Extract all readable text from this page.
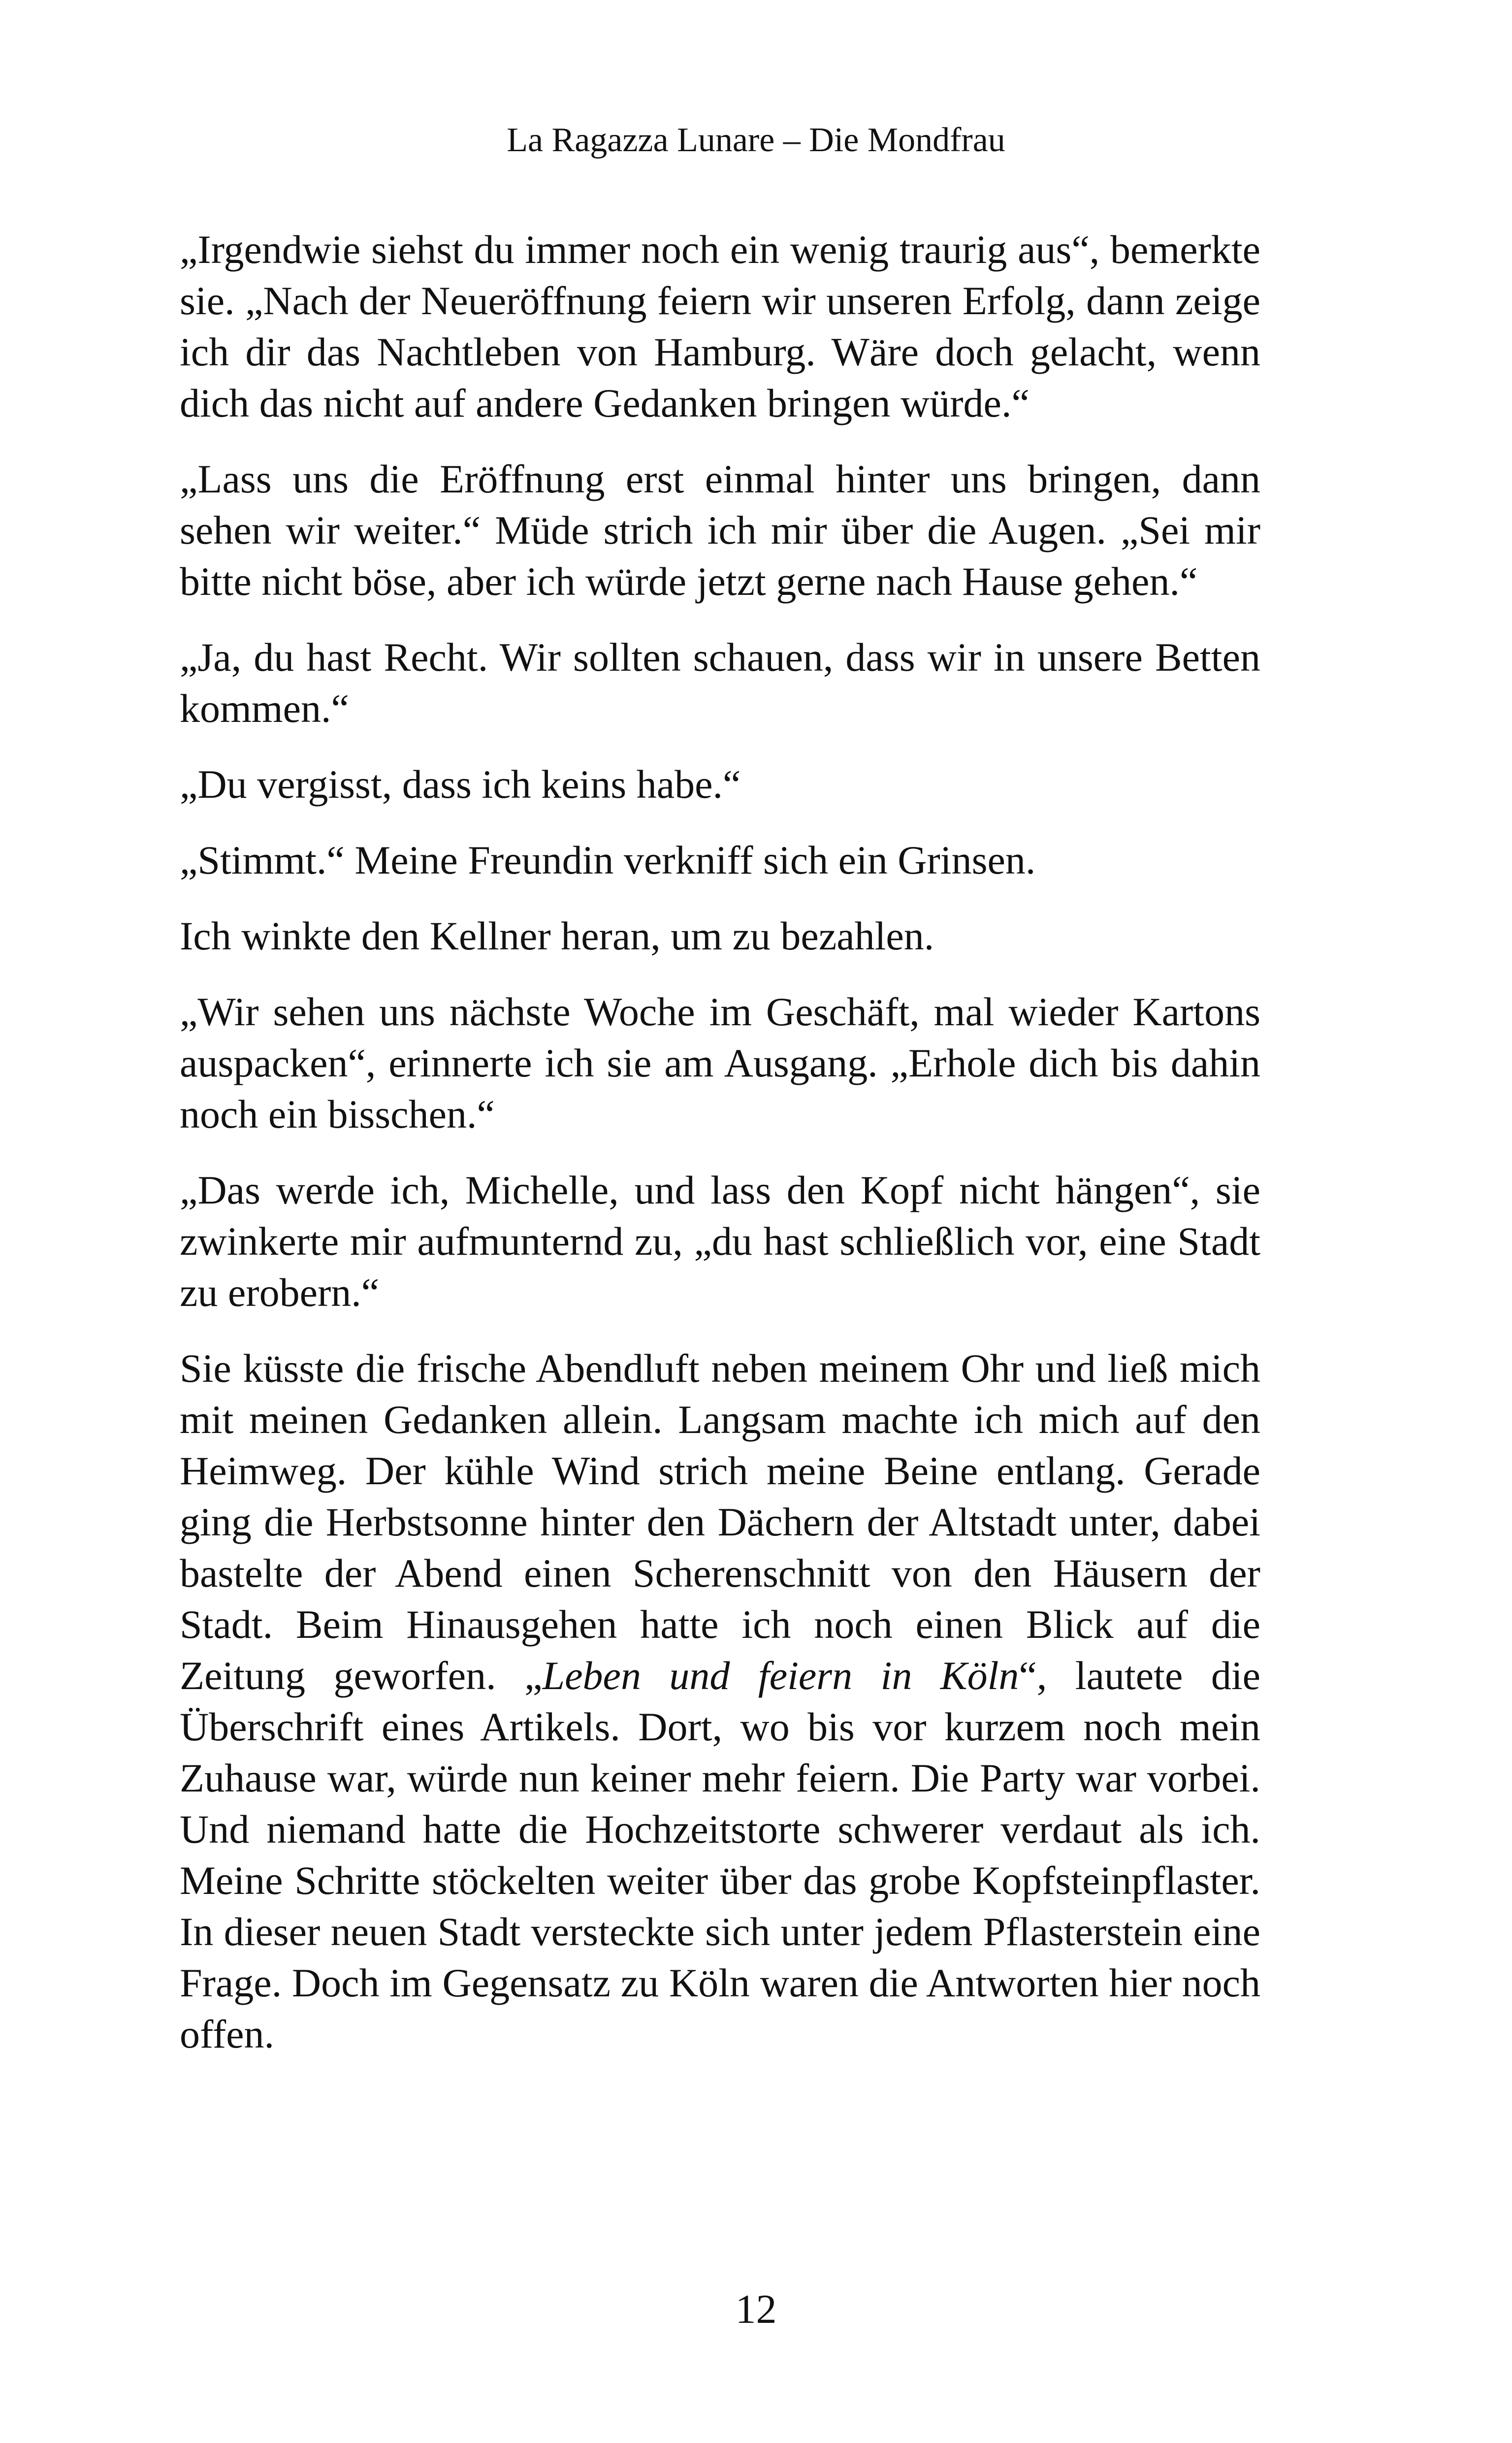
La Ragazza Lunare – Die Mondfrau

„Irgendwie siehst du immer noch ein wenig traurig aus“, bemerkte sie. „Nach der Neueröffnung feiern wir unseren Erfolg, dann zeige ich dir das Nachtleben von Hamburg. Wäre doch gelacht, wenn dich das nicht auf andere Gedanken bringen würde.“

„Lass uns die Eröffnung erst einmal hinter uns bringen, dann sehen wir weiter.“ Müde strich ich mir über die Augen. „Sei mir bitte nicht böse, aber ich würde jetzt gerne nach Hause gehen.“

„Ja, du hast Recht. Wir sollten schauen, dass wir in unsere Betten kommen.“

„Du vergisst, dass ich keins habe.“

„Stimmt.“ Meine Freundin verkniff sich ein Grinsen.

Ich winkte den Kellner heran, um zu bezahlen.

„Wir sehen uns nächste Woche im Geschäft, mal wieder Kartons auspacken“, erinnerte ich sie am Ausgang. „Erhole dich bis dahin noch ein bisschen.“

„Das werde ich, Michelle, und lass den Kopf nicht hängen“, sie zwinkerte mir aufmunternd zu, „du hast schließlich vor, eine Stadt zu erobern.“

Sie küsste die frische Abendluft neben meinem Ohr und ließ mich mit meinen Gedanken allein. Langsam machte ich mich auf den Heimweg. Der kühle Wind strich meine Beine entlang. Gerade ging die Herbstsonne hinter den Dächern der Altstadt unter, dabei bastelte der Abend einen Scherenschnitt von den Häusern der Stadt. Beim Hinausgehen hatte ich noch einen Blick auf die Zeitung geworfen. „Leben und feiern in Köln“, lautete die Überschrift eines Artikels. Dort, wo bis vor kurzem noch mein Zuhause war, würde nun keiner mehr feiern. Die Party war vorbei. Und niemand hatte die Hochzeitstorte schwerer verdaut als ich. Meine Schritte stöckelten weiter über das grobe Kopfsteinpflaster. In dieser neuen Stadt versteckte sich unter jedem Pflasterstein eine Frage. Doch im Gegensatz zu Köln waren die Antworten hier noch offen.

12
